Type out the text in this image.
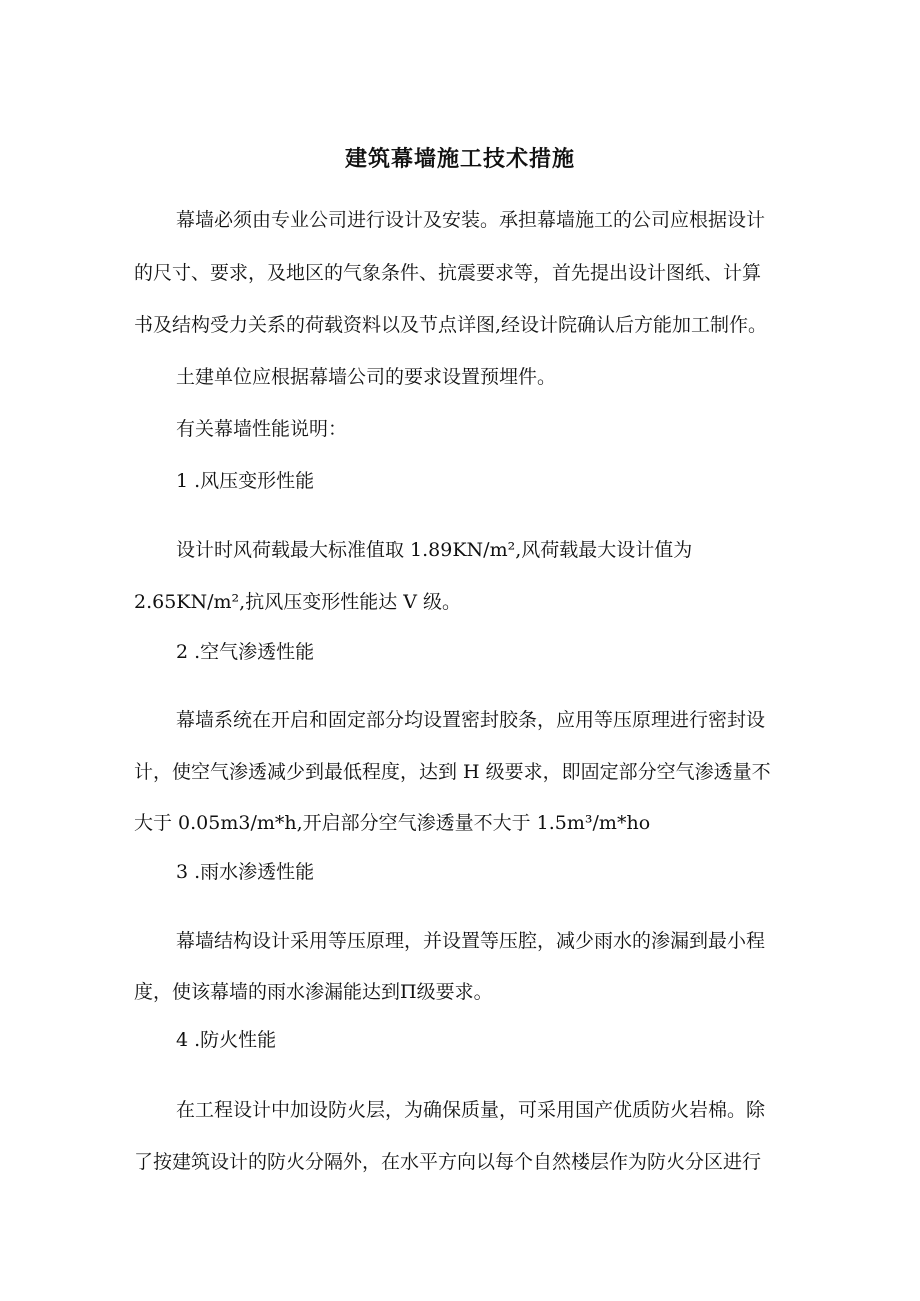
建筑幕墙施工技术措施
幕墙必须由专业公司进行设计及安装。承担幕墙施工的公司应根据设计
的尺寸、要求，及地区的气象条件、抗震要求等，首先提出设计图纸、计算
书及结构受力关系的荷载资料以及节点详图,经设计院确认后方能加工制作。
土建单位应根据幕墙公司的要求设置预埋件。
有关幕墙性能说明：
1 .风压变形性能
设计时风荷载最大标准值取 1.89KN∕m²,风荷载最大设计值为
2.65KN∕m²,抗风压变形性能达 V 级。
2 .空气渗透性能
幕墙系统在开启和固定部分均设置密封胶条，应用等压原理进行密封设
计，使空气渗透减少到最低程度，达到 H 级要求，即固定部分空气渗透量不
大于 0.05m3∕m*h,开启部分空气渗透量不大于 1.5m³∕m*ho
3 .雨水渗透性能
幕墙结构设计采用等压原理，并设置等压腔，减少雨水的渗漏到最小程
度，使该幕墙的雨水渗漏能达到Π级要求。
4 .防火性能
在工程设计中加设防火层，为确保质量，可采用国产优质防火岩棉。除
了按建筑设计的防火分隔外，在水平方向以每个自然楼层作为防火分区进行
